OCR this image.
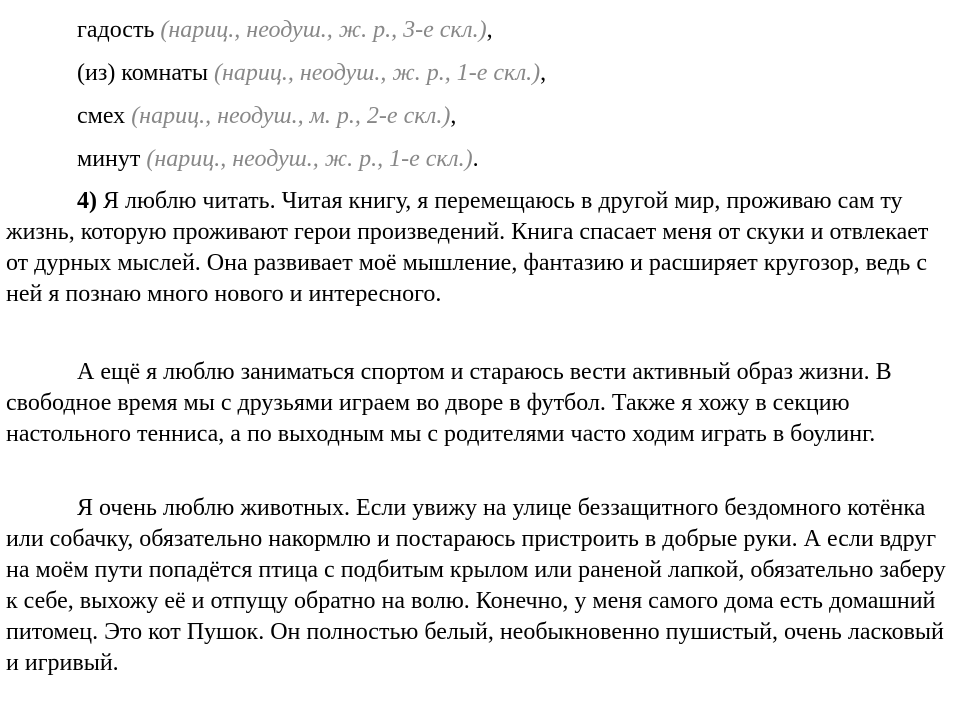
гадость (нариц., неодуш., ж. р., 3-е скл.),
(из) комнаты (нариц., неодуш., ж. р., 1-е скл.),
смех (нариц., неодуш., м. р., 2-е скл.),
минут (нариц., неодуш., ж. р., 1-е скл.).
4) Я люблю читать. Читая книгу, я перемещаюсь в другой мир, проживаю сам ту жизнь, которую проживают герои произведений. Книга спасает меня от скуки и отвлекает от дурных мыслей. Она развивает моё мышление, фантазию и расширяет кругозор, ведь с ней я познаю много нового и интересного.
А ещё я люблю заниматься спортом и стараюсь вести активный образ жизни. В свободное время мы с друзьями играем во дворе в футбол. Также я хожу в секцию настольного тенниса, а по выходным мы с родителями часто ходим играть в боулинг.
Я очень люблю животных. Если увижу на улице беззащитного бездомного котёнка или собачку, обязательно накормлю и постараюсь пристроить в добрые руки. А если вдруг на моём пути попадётся птица с подбитым крылом или раненой лапкой, обязательно заберу к себе, выхожу её и отпущу обратно на волю. Конечно, у меня самого дома есть домашний питомец. Это кот Пушок. Он полностью белый, необыкновенно пушистый, очень ласковый и игривый.
